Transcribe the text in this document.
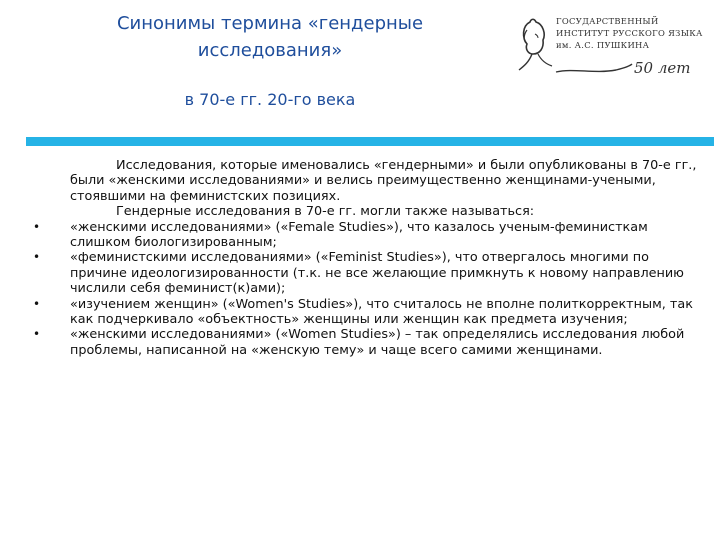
Синонимы термина «гендерные
исследования»
в 70-е гг. 20-го века
ГОСУДАРСТВЕННЫЙ
ИНСТИТУТ РУССКОГО ЯЗЫКА
им. А.С. ПУШКИНА
50 лет

Исследования, которые именовались «гендерными» и были опубликованы в 70-е гг., были «женскими исследованиями» и велись преимущественно женщинами-учеными, стоявшими на феминистских позициях.

Гендерные исследования в 70-е гг. могли также называться:

• «женскими исследованиями» («Female Studies»), что казалось ученым-феминисткам слишком биологизированным;
• «феминистскими исследованиями» («Feminist Studies»), что отвергалось многими по причине идеологизированности (т.к. не все желающие примкнуть к новому направлению числили себя феминист(к)ами);
• «изучением женщин» («Women's Studies»), что считалось не вполне политкорректным, так как подчеркивало «объектность» женщины или женщин как предмета изучения;
• «женскими исследованиями» («Women Studies») – так определялись исследования любой проблемы, написанной на «женскую тему» и чаще всего самими женщинами.
